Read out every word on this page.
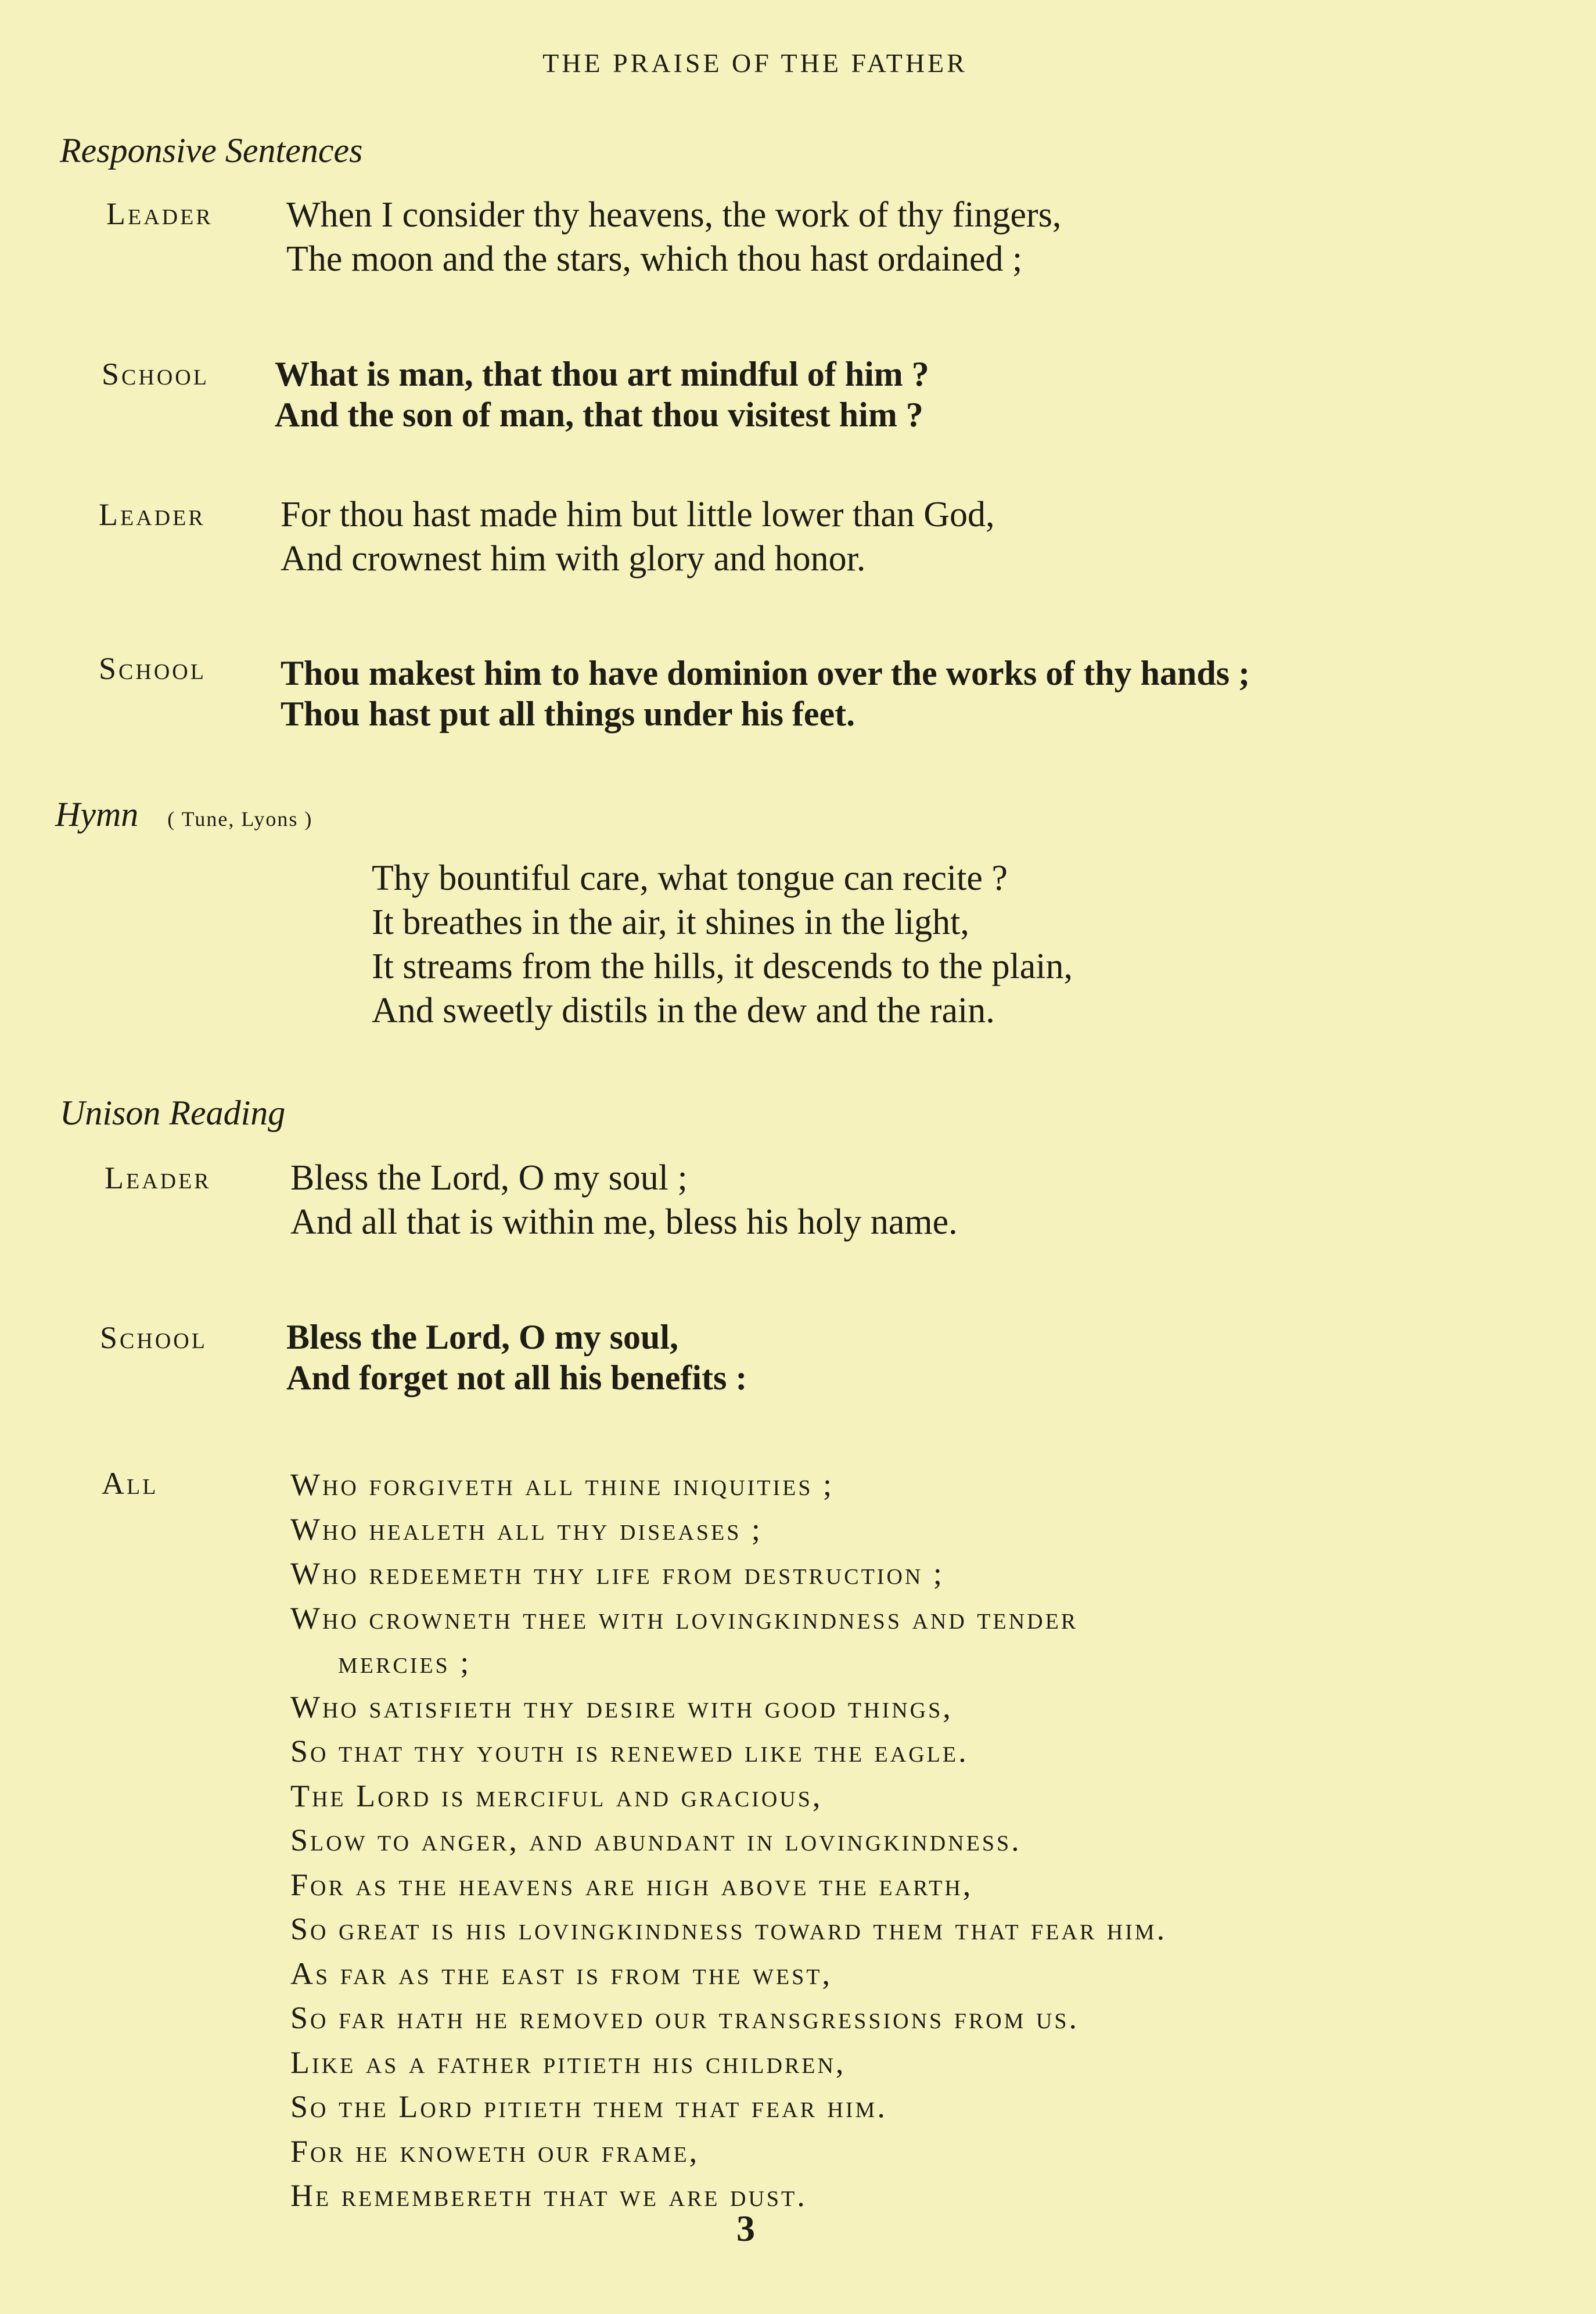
THE PRAISE OF THE FATHER
Responsive Sentences
Leader When I consider thy heavens, the work of thy fingers,
The moon and the stars, which thou hast ordained ;
School What is man, that thou art mindful of him ?
And the son of man, that thou visitest him ?
Leader For thou hast made him but little lower than God,
And crownest him with glory and honor.
School Thou makest him to have dominion over the works of thy hands ;
Thou hast put all things under his feet.
Hymn ( Tune, Lyons )
Thy bountiful care, what tongue can recite ?
It breathes in the air, it shines in the light,
It streams from the hills, it descends to the plain,
And sweetly distils in the dew and the rain.
Unison Reading
Leader Bless the Lord, O my soul ;
And all that is within me, bless his holy name.
School Bless the Lord, O my soul,
And forget not all his benefits :
All	Who forgiveth all thine iniquities ;
Who healeth all thy diseases ;
Who redeemeth thy life from destruction ;
Who crowneth thee with lovingkindness and tender
mercies ;
Who satisfieth thy desire with good things,
So that thy youth is renewed like the eagle.
The Lord is merciful and gracious,
Slow to anger, and abundant in lovingkindness.
For as the heavens are high above the earth,
So great is his lovingkindness toward them that fear him.
As far as the east is from the west,
So far hath he removed our transgressions from us.
Like as a father pitieth his children,
So the Lord pitieth them that fear him.
For he knoweth our frame,
He remembereth that we are dust.
3
